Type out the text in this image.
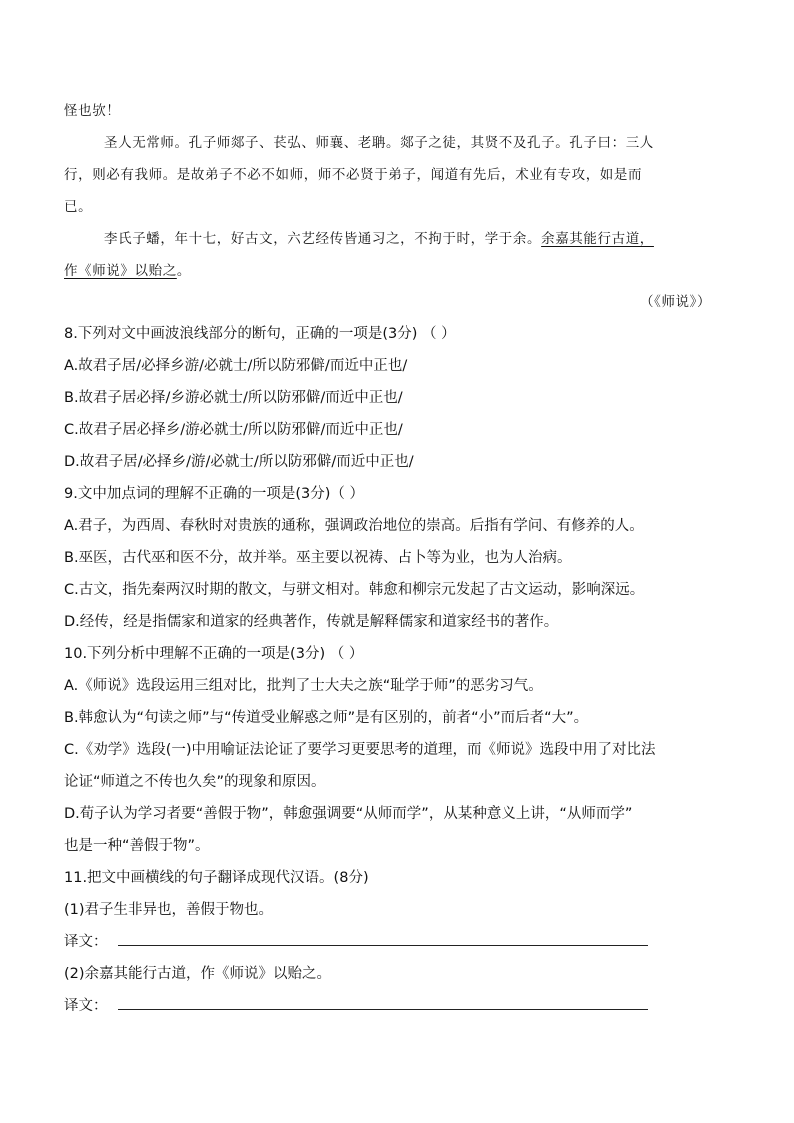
怪也欤！
圣人无常师。孔子师郯子、苌弘、师襄、老聃。郯子之徒，其贤不及孔子。孔子曰：三人
行，则必有我师。是故弟子不必不如师，师不必贤于弟子，闻道有先后，术业有专攻，如是而
已。
李氏子蟠，年十七，好古文，六艺经传皆通习之，不拘于时，学于余。余嘉其能行古道，
作《师说》以贻之。
（《师说》）
8.下列对文中画波浪线部分的断句，正确的一项是(3分) （ ）
A.故君子居/必择乡游/必就士/所以防邪僻/而近中正也/
B.故君子居必择/乡游必就士/所以防邪僻/而近中正也/
C.故君子居必择乡/游必就士/所以防邪僻/而近中正也/
D.故君子居/必择乡/游/必就士/所以防邪僻/而近中正也/
9.文中加点词的理解不正确的一项是(3分)（ ）
A.君子，为西周、春秋时对贵族的通称，强调政治地位的崇高。后指有学问、有修养的人。
B.巫医，古代巫和医不分，故并举。巫主要以祝祷、占卜等为业，也为人治病。
C.古文，指先秦两汉时期的散文，与骈文相对。韩愈和柳宗元发起了古文运动，影响深远。
D.经传，经是指儒家和道家的经典著作，传就是解释儒家和道家经书的著作。
10.下列分析中理解不正确的一项是(3分) （ ）
A.《师说》选段运用三组对比，批判了士大夫之族“耻学于师”的恶劣习气。
B.韩愈认为“句读之师”与“传道受业解惑之师”是有区别的，前者“小”而后者“大”。
C.《劝学》选段(一)中用喻证法论证了要学习更要思考的道理，而《师说》选段中用了对比法
论证“师道之不传也久矣”的现象和原因。
D.荀子认为学习者要“善假于物”，韩愈强调要“从师而学”，从某种意义上讲，“从师而学”
也是一种“善假于物”。
11.把文中画横线的句子翻译成现代汉语。(8分)
(1)君子生非异也，善假于物也。
译文：
(2)余嘉其能行古道，作《师说》以贻之。
译文：
